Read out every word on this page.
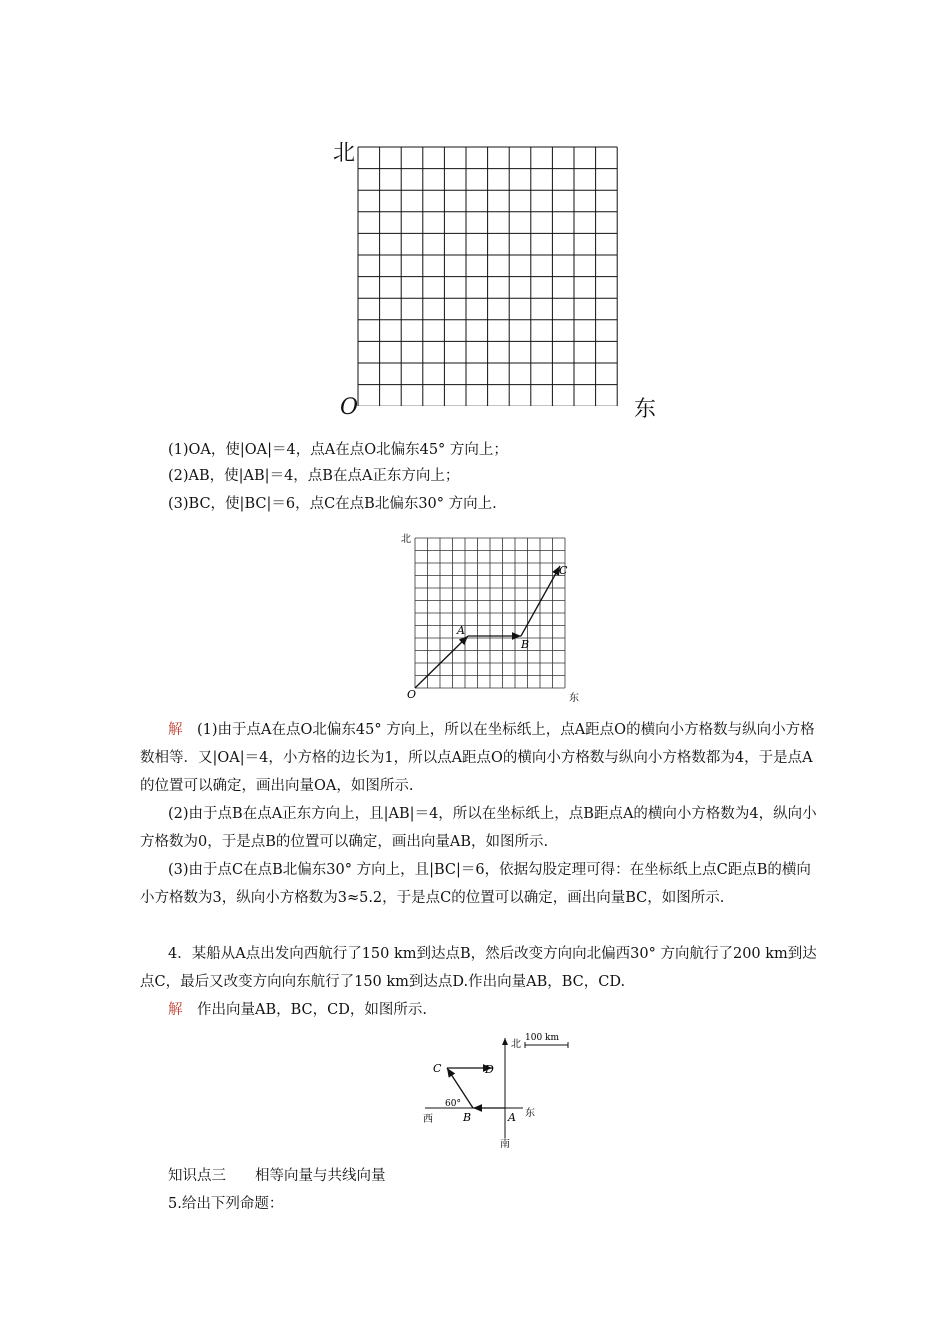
北
O	东
(1)OA，使|OA|＝4，点A在点O北偏东45° 方向上；
(2)AB，使|AB|＝4，点B在点A正东方向上；
(3)BC，使|BC|＝6，点C在点B北偏东30° 方向上.
北
东
O
A
B
C
解　 (1)由于点A在点O北偏东45° 方向上，所以在坐标纸上，点A距点O的横向小方格数与纵向小方格数相等．又|OA|＝4，小方格的边长为1，所以点A距点O的横向小方格数与纵向小方格数都为4，于是点A的位置可以确定，画出向量OA，如图所示.
(2)由于点B在点A正东方向上，且|AB|＝4，所以在坐标纸上，点B距点A的横向小方格数为4，纵向小方格数为0，于是点B的位置可以确定，画出向量AB，如图所示.
(3)由于点C在点B北偏东30° 方向上，且|BC|＝6，依据勾股定理可得：在坐标纸上点C距点B的横向小方格数为3，纵向小方格数为3≈5.2，于是点C的位置可以确定，画出向量BC，如图所示.
4．某船从A点出发向西航行了150 km到达点B，然后改变方向向北偏西30° 方向航行了200 km到达点C，最后又改变方向向东航行了150 km到达点D.作出向量AB，BC，CD.
解　 作出向量AB，BC，CD，如图所示.
北
100 km
东
西
南
60°
C	D
B	A
知识点三　　相等向量与共线向量
5.给出下列命题：
